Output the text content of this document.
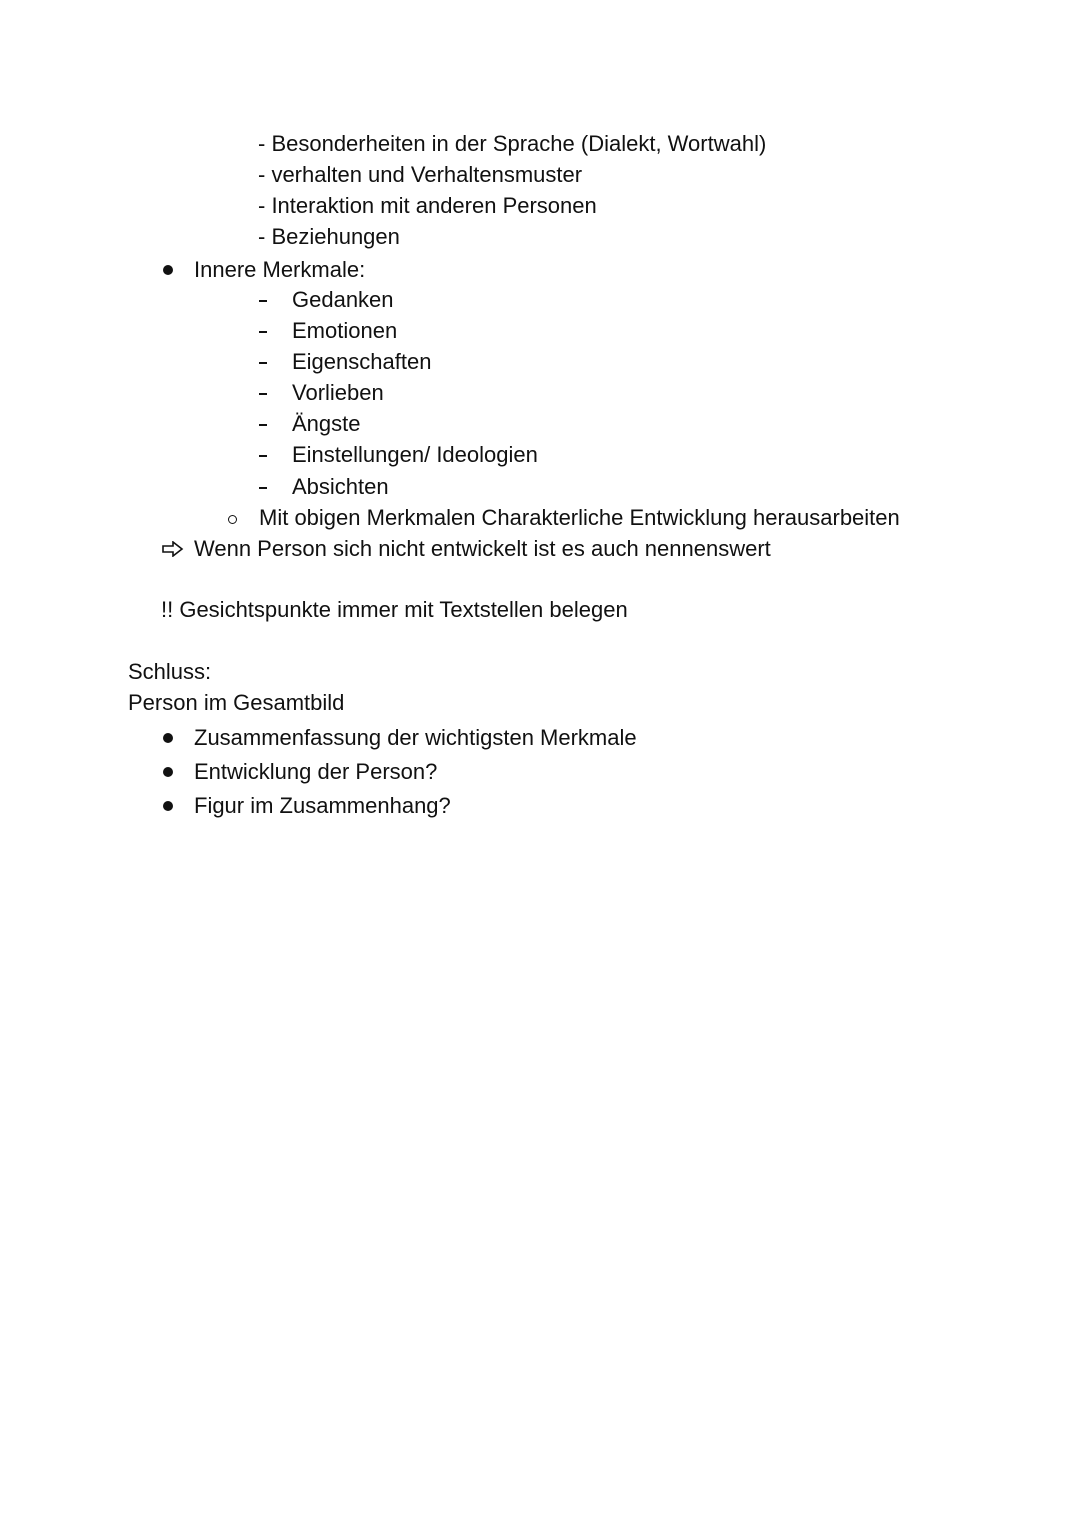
- Besonderheiten in der Sprache (Dialekt, Wortwahl)
- verhalten und Verhaltensmuster
- Interaktion mit anderen Personen
- Beziehungen
Innere Merkmale:
Gedanken
Emotionen
Eigenschaften
Vorlieben
Ängste
Einstellungen/ Ideologien
Absichten
Mit obigen Merkmalen Charakterliche Entwicklung herausarbeiten
Wenn Person sich nicht entwickelt ist es auch nennenswert
!! Gesichtspunkte immer mit Textstellen belegen
Schluss:
Person im Gesamtbild
Zusammenfassung der wichtigsten Merkmale
Entwicklung der Person?
Figur im Zusammenhang?
